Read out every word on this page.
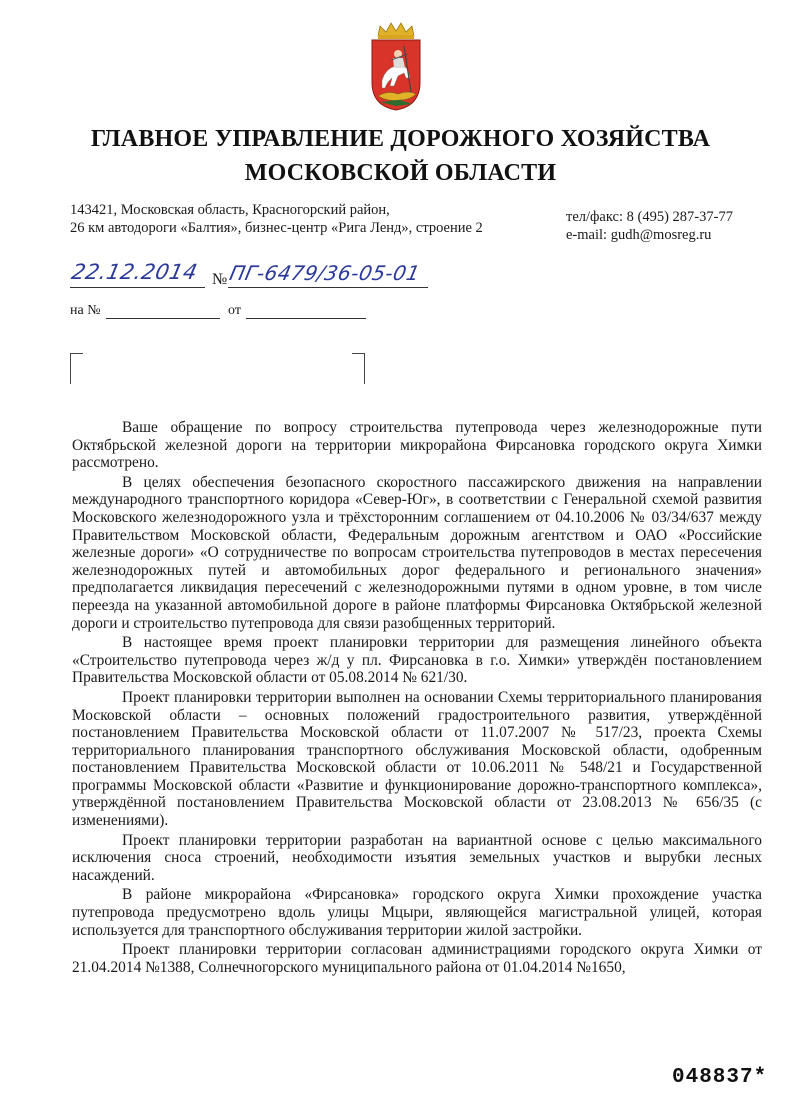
ГЛАВНОЕ УПРАВЛЕНИЕ ДОРОЖНОГО ХОЗЯЙСТВА
МОСКОВСКОЙ ОБЛАСТИ
143421, Московская область, Красногорский район,
26 км автодороги «Балтия», бизнес-центр «Рига Ленд», строение 2
тел/факс: 8 (495) 287-37-77
e-mail: gudh@mosreg.ru
22.12.2014 № ПГ-6479/36-05-01
на №	от

Ваше обращение по вопросу строительства путепровода через железнодорожные пути Октябрьской железной дороги на территории микрорайона Фирсановка городского округа Химки рассмотрено.

В целях обеспечения безопасного скоростного пассажирского движения на направлении международного транспортного коридора «Север-Юг», в соответствии с Генеральной схемой развития Московского железнодорожного узла и трёхсторонним соглашением от 04.10.2006 № 03/34/637 между Правительством Московской области, Федеральным дорожным агентством и ОАО «Российские железные дороги» «О сотрудничестве по вопросам строительства путепроводов в местах пересечения железнодорожных путей и автомобильных дорог федерального и регионального значения» предполагается ликвидация пересечений с железнодорожными путями в одном уровне, в том числе переезда на указанной автомобильной дороге в районе платформы Фирсановка Октябрьской железной дороги и строительство путепровода для связи разобщенных территорий.

В настоящее время проект планировки территории для размещения линейного объекта «Строительство путепровода через ж/д у пл. Фирсановка в г.о. Химки» утверждён постановлением Правительства Московской области от 05.08.2014 № 621/30.

Проект планировки территории выполнен на основании Схемы территориального планирования Московской области – основных положений градостроительного развития, утверждённой постановлением Правительства Московской области от 11.07.2007 № 517/23, проекта Схемы территориального планирования транспортного обслуживания Московской области, одобренным постановлением Правительства Московской области от 10.06.2011 № 548/21 и Государственной программы Московской области «Развитие и функционирование дорожно-транспортного комплекса», утверждённой постановлением Правительства Московской области от 23.08.2013 № 656/35 (с изменениями).

Проект планировки территории разработан на вариантной основе с целью максимального исключения сноса строений, необходимости изъятия земельных участков и вырубки лесных насаждений.

В районе микрорайона «Фирсановка» городского округа Химки прохождение участка путепровода предусмотрено вдоль улицы Мцыри, являющейся магистральной улицей, которая используется для транспортного обслуживания территории жилой застройки.

Проект планировки территории согласован администрациями городского округа Химки от 21.04.2014 №1388, Солнечногорского муниципального района от 01.04.2014 №1650,

048837*
